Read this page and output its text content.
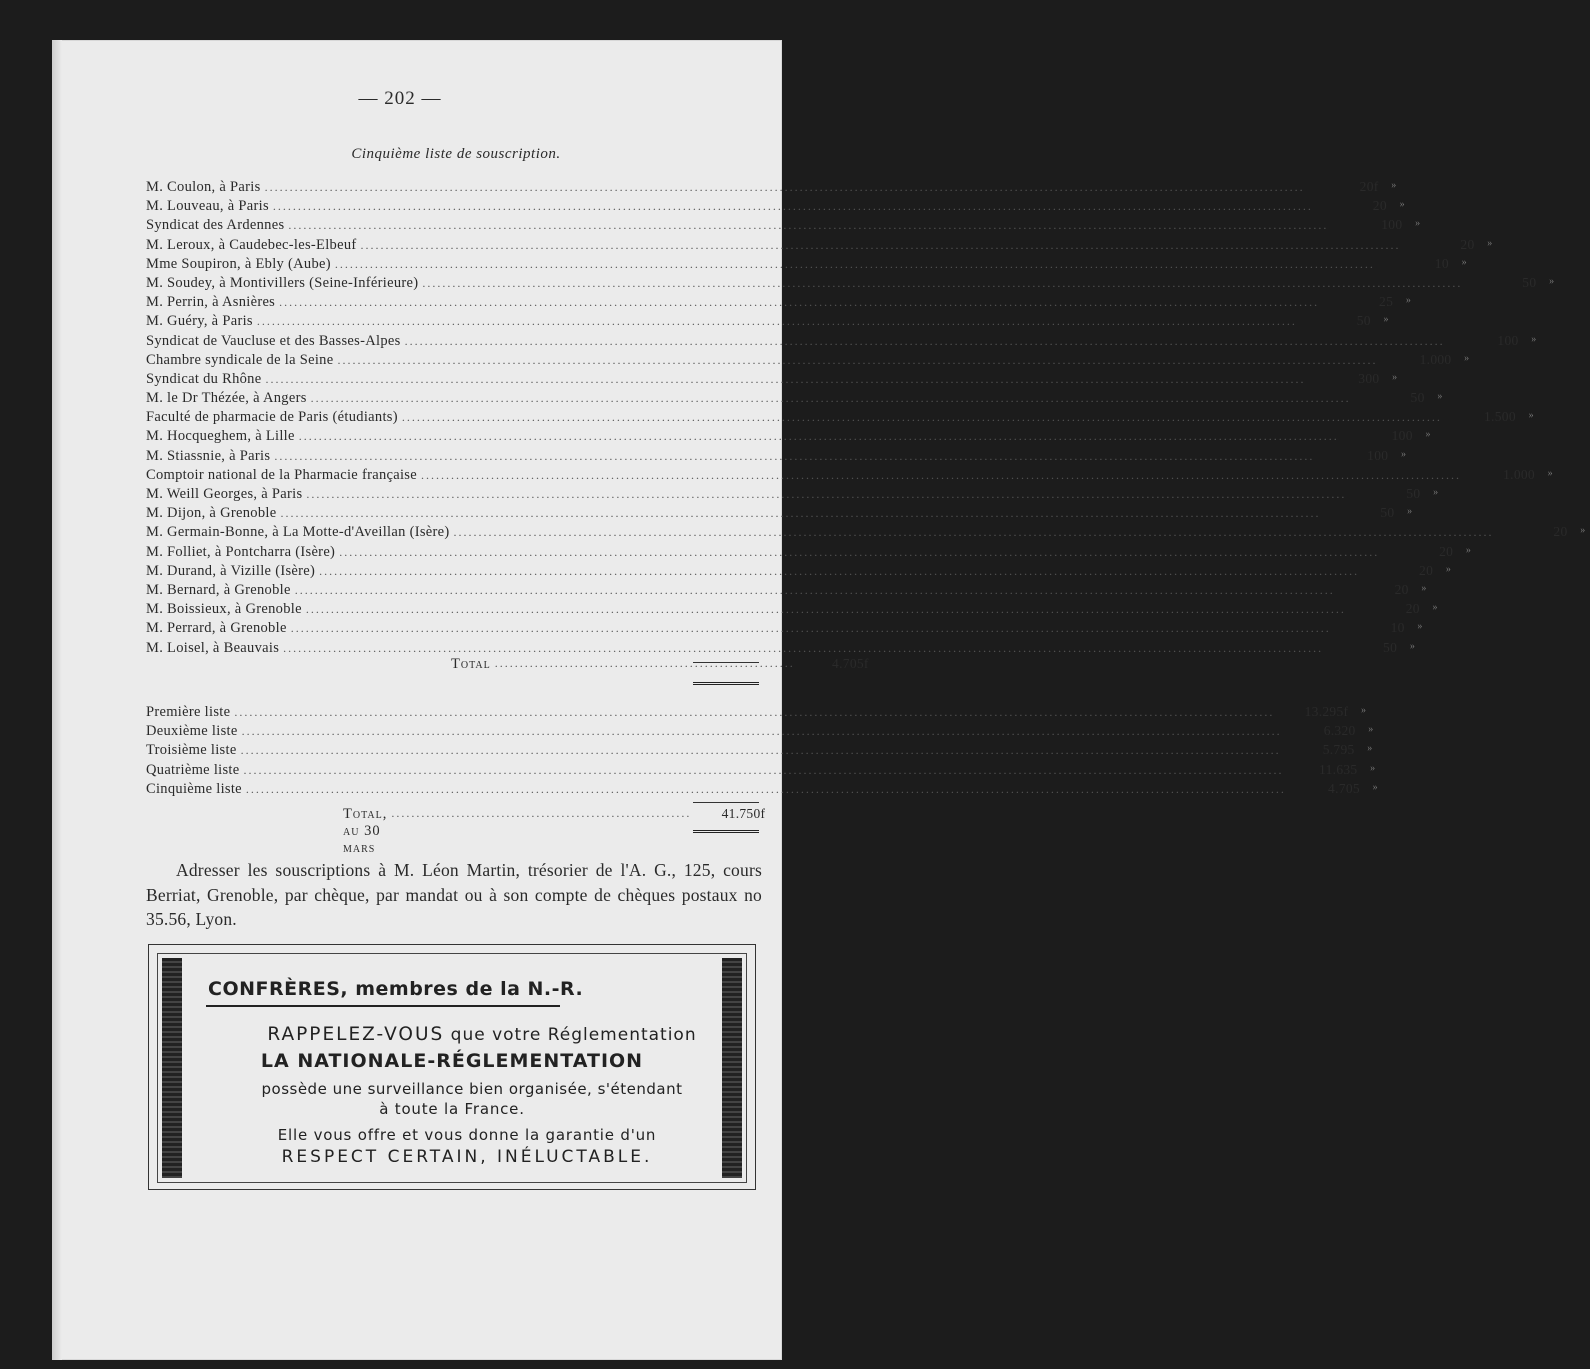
— 202 —
Cinquième liste de souscription.
M. Coulon, à Paris .....	20f »
M. Louveau, à Paris .....	20 »
Syndicat des Ardennes .....	100 »
M. Leroux, à Caudebec-les-Elbeuf .....	20 »
Mme Soupiron, à Ebly (Aube) .....	10 »
M. Soudey, à Montivillers (Seine-Inférieure) .....	50 »
M. Perrin, à Asnières .....	25 »
M. Guéry, à Paris .....	50 »
Syndicat de Vaucluse et des Basses-Alpes .....	100 »
Chambre syndicale de la Seine .....	1.000 »
Syndicat du Rhône .....	300 »
M. le Dr Thézée, à Angers .....	50 »
Faculté de pharmacie de Paris (étudiants) .....	1.500 »
M. Hocqueghem, à Lille .....	100 »
M. Stiassnie, à Paris .....	100 »
Comptoir national de la Pharmacie française .....	1.000 »
M. Weill Georges, à Paris .....	50 »
M. Dijon, à Grenoble .....	50 »
M. Germain-Bonne, à La Motte-d'Aveillan (Isère) .....	20 »
M. Folliet, à Pontcharra (Isère) .....	20 »
M. Durand, à Vizille (Isère) .....	20 »
M. Bernard, à Grenoble .....	20 »
M. Boissieux, à Grenoble .....	20 »
M. Perrard, à Grenoble .....	10 »
M. Loisel, à Beauvais .....	50 »
Total ............................................................	4.705f
Première liste .....	13.295f »
Deuxième liste .....	6.320 »
Troisième liste .....	5.795 »
Quatrième liste .....	11.635 »
Cinquième liste .....	4.705 »
Total, au 30 mars
............................................................	41.750f
Adresser les souscriptions à M. Léon Martin, trésorier de l'A. G., 125, cours Berriat, Grenoble, par chèque, par mandat ou à son compte de chèques postaux no 35.56, Lyon.
CONFRÈRES, membres de la N.-R.
RAPPELEZ-VOUS que votre Réglementation
LA NATIONALE-RÉGLEMENTATION
possède une surveillance bien organisée, s'étendant
à toute la France.
Elle vous offre et vous donne la garantie d'un
RESPECT CERTAIN, INÉLUCTABLE.
